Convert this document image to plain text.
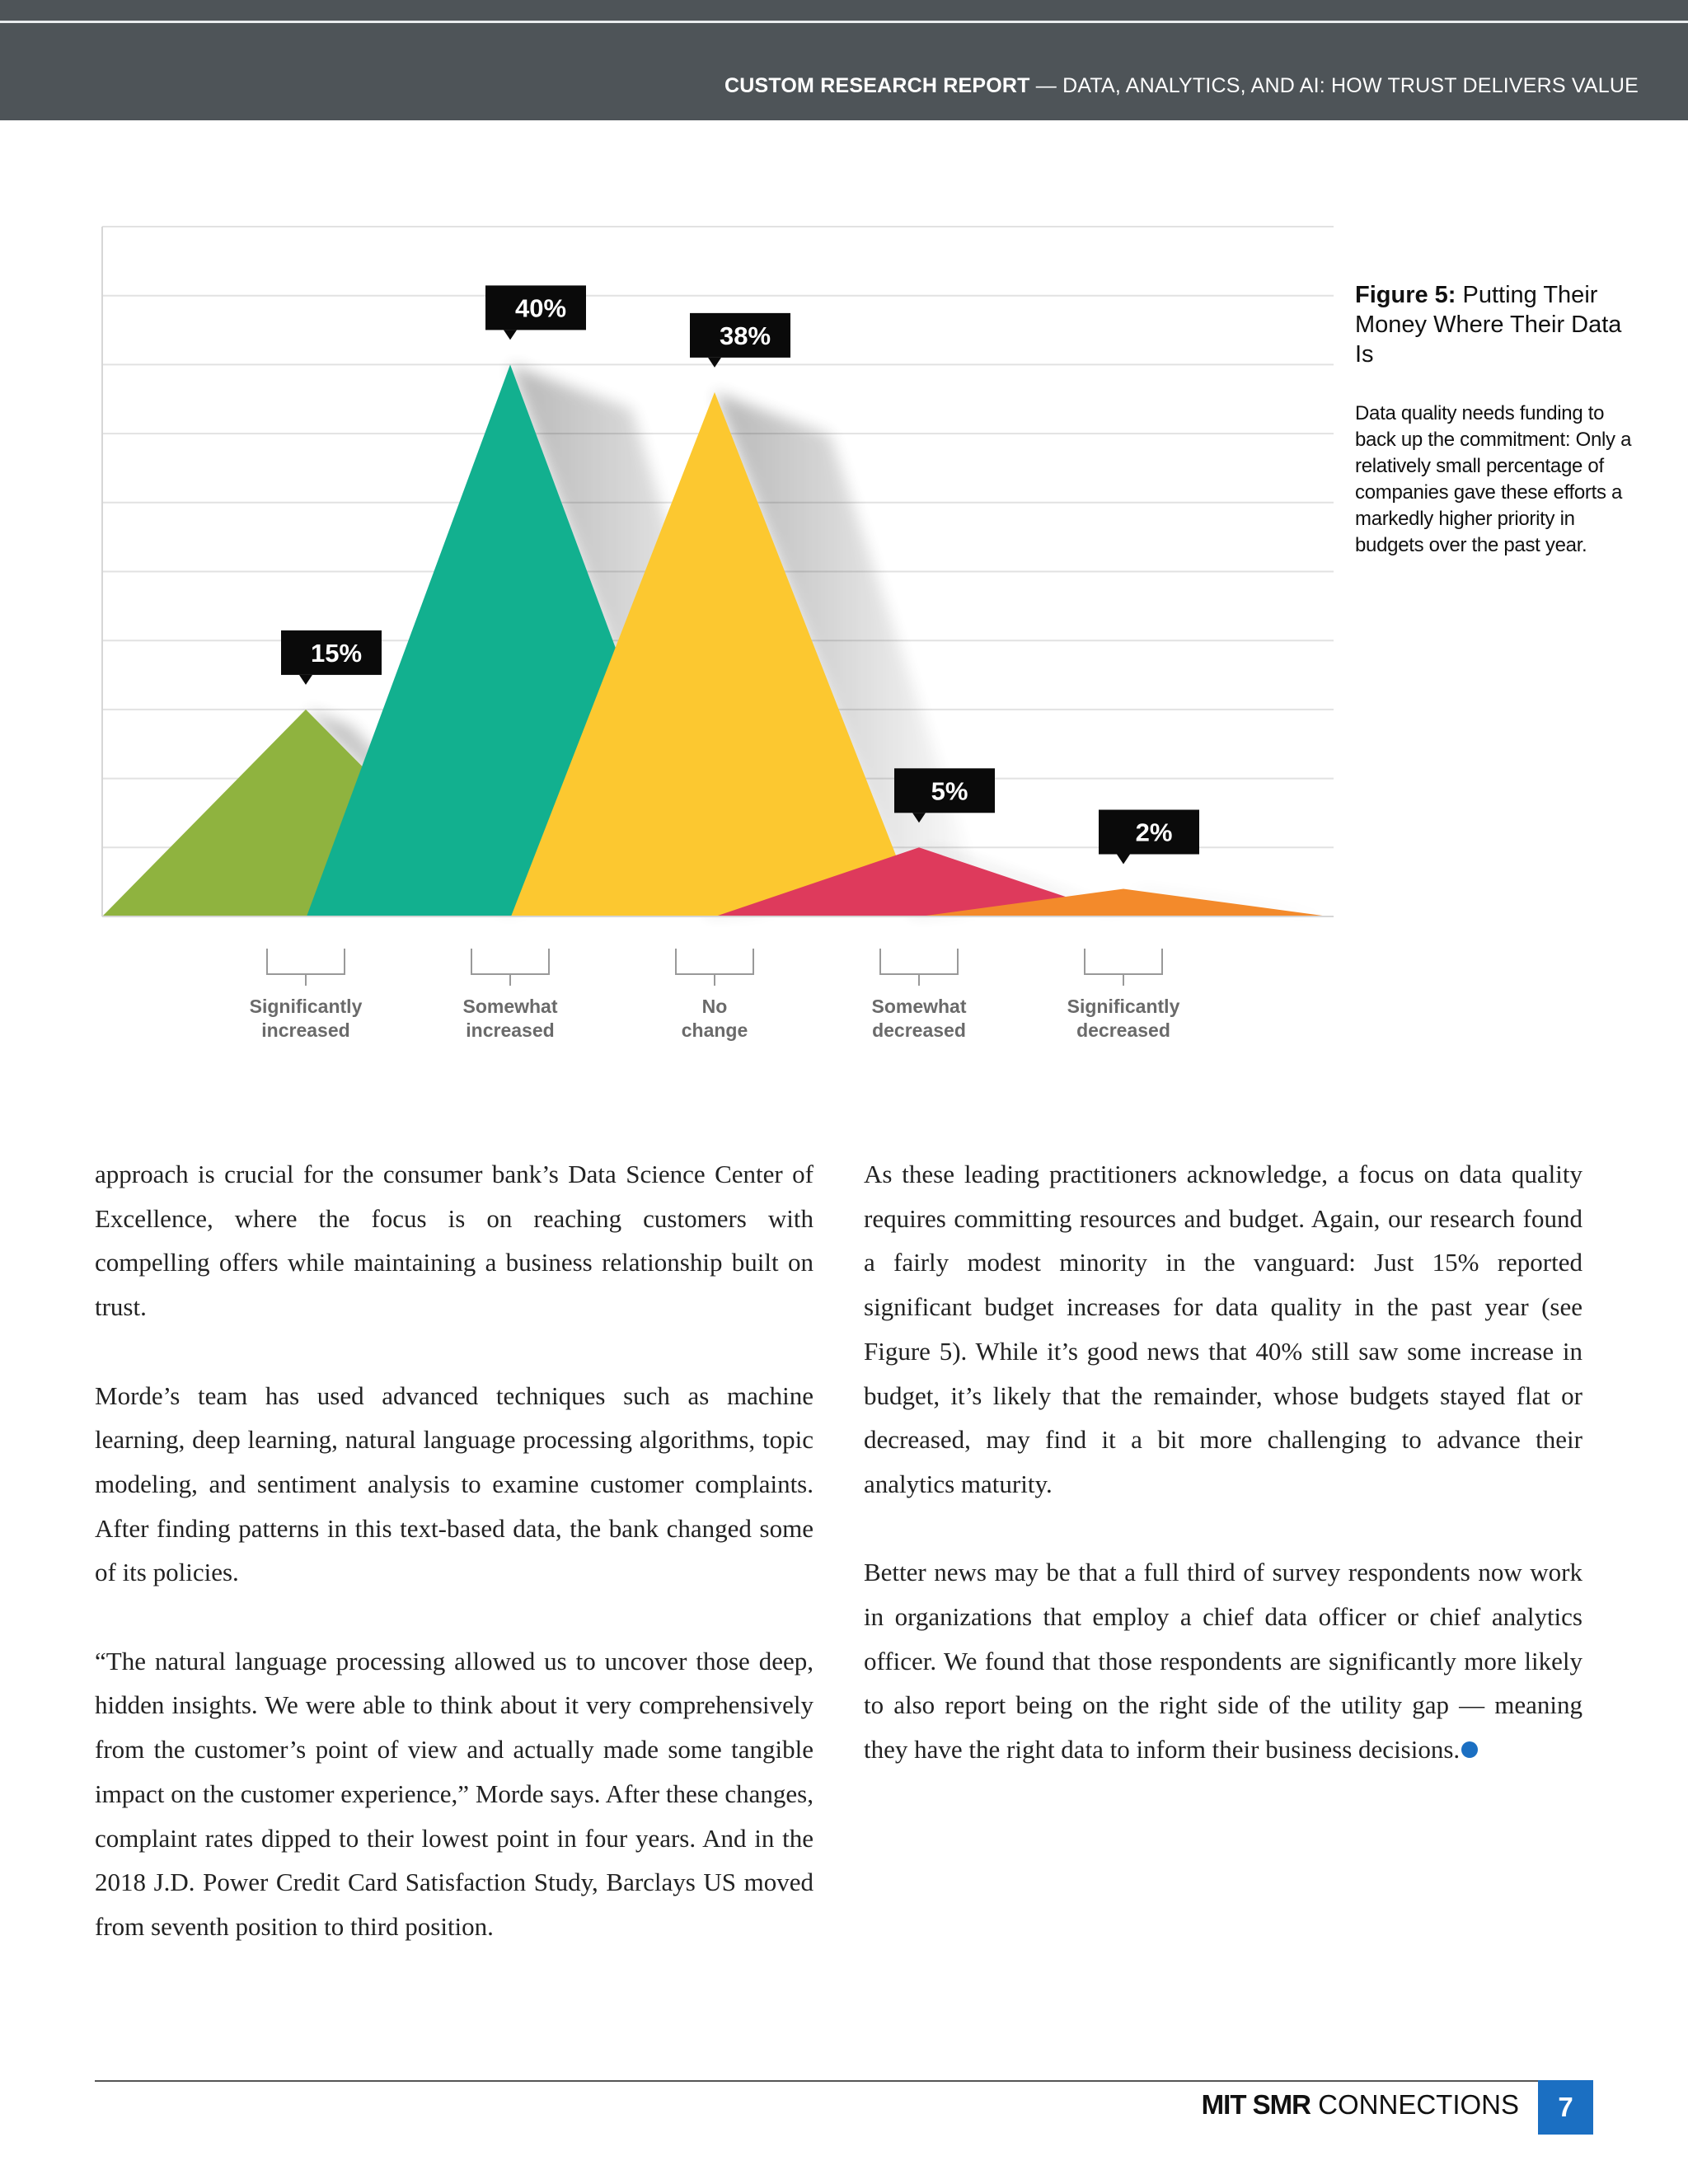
CUSTOM RESEARCH REPORT — DATA, ANALYTICS, AND AI: HOW TRUST DELIVERS VALUE
15%
40%
38%
5%
2%
Significantly
increased
Somewhat
increased
No
change
Somewhat
decreased
Significantly
decreased
Figure 5: Putting Their Money Where Their Data Is
Data quality needs funding to back up the commitment: Only a relatively small percentage of companies gave these efforts a markedly higher priority in budgets over the past year.

approach is crucial for the consumer bank’s Data Science Center of Excellence, where the focus is on reaching customers with compelling offers while maintaining a business relationship built on trust.

Morde’s team has used advanced techniques such as machine learning, deep learning, natural language processing algorithms, topic modeling, and sentiment analysis to examine customer complaints. After finding patterns in this text-based data, the bank changed some of its policies.

“The natural language processing allowed us to uncover those deep, hidden insights. We were able to think about it very comprehensively from the customer’s point of view and actually made some tangible impact on the customer experience,” Morde says. After these changes, complaint rates dipped to their lowest point in four years. And in the 2018 J.D. Power Credit Card Satisfaction Study, Barclays US moved from seventh position to third position.

As these leading practitioners acknowledge, a focus on data quality requires committing resources and budget. Again, our research found a fairly modest minority in the vanguard: Just 15% reported significant budget increases for data quality in the past year (see Figure 5). While it’s good news that 40% still saw some increase in budget, it’s likely that the remainder, whose budgets stayed flat or decreased, may find it a bit more challenging to advance their analytics maturity.

Better news may be that a full third of survey respondents now work in organizations that employ a chief data officer or chief analytics officer. We found that those respondents are significantly more likely to also report being on the right side of the utility gap — meaning they have the right data to inform their business decisions.

MIT SMR CONNECTIONS	7
